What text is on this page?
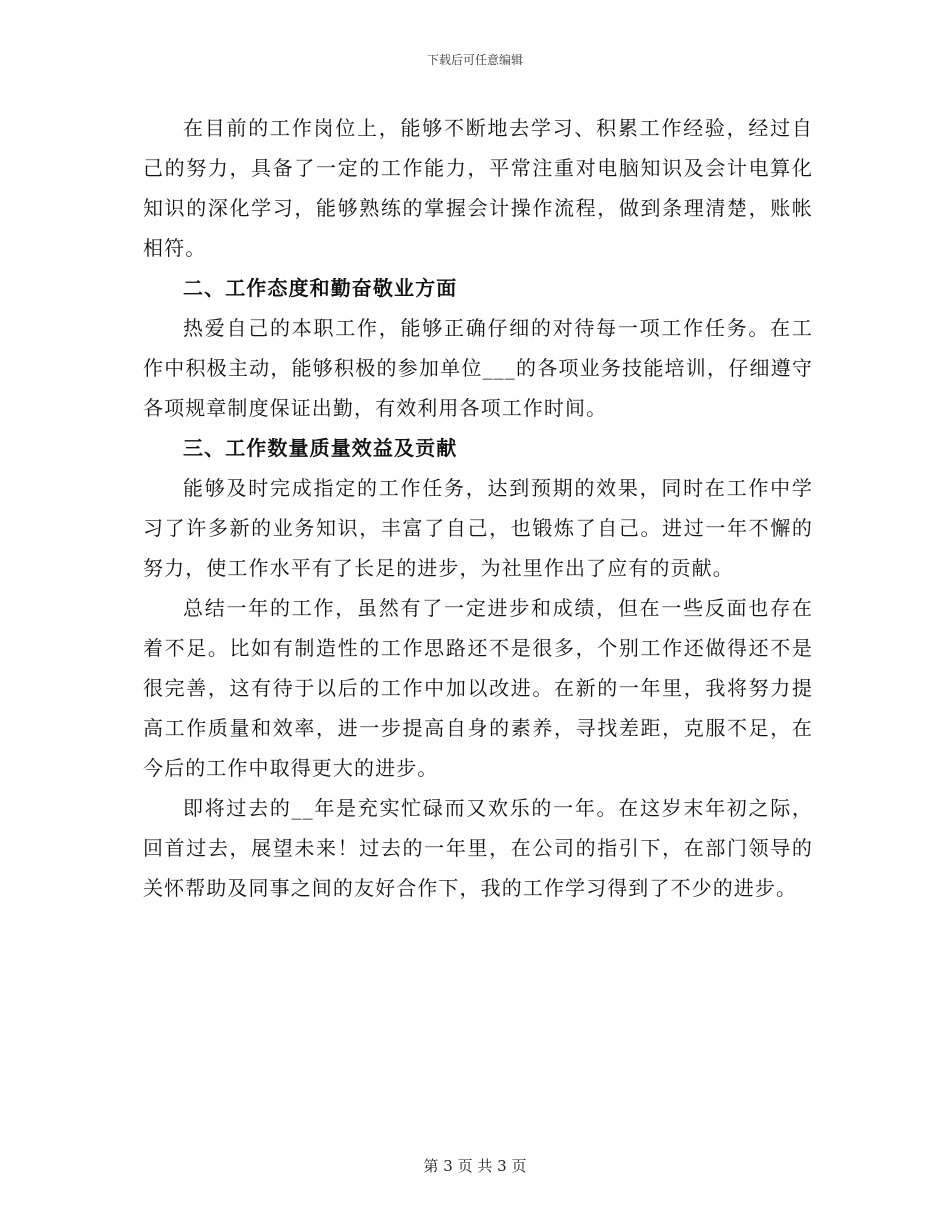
下载后可任意编辑

在目前的工作岗位上，能够不断地去学习、积累工作经验，经过自己的努力，具备了一定的工作能力，平常注重对电脑知识及会计电算化知识的深化学习，能够熟练的掌握会计操作流程，做到条理清楚，账帐相符。

二、工作态度和勤奋敬业方面

热爱自己的本职工作，能够正确仔细的对待每一项工作任务。在工作中积极主动，能够积极的参加单位___的各项业务技能培训，仔细遵守各项规章制度保证出勤，有效利用各项工作时间。

三、工作数量质量效益及贡献

能够及时完成指定的工作任务，达到预期的效果，同时在工作中学习了许多新的业务知识，丰富了自己，也锻炼了自己。进过一年不懈的努力，使工作水平有了长足的进步，为社里作出了应有的贡献。

总结一年的工作，虽然有了一定进步和成绩，但在一些反面也存在着不足。比如有制造性的工作思路还不是很多，个别工作还做得还不是很完善，这有待于以后的工作中加以改进。在新的一年里，我将努力提高工作质量和效率，进一步提高自身的素养，寻找差距，克服不足，在今后的工作中取得更大的进步。

即将过去的__年是充实忙碌而又欢乐的一年。在这岁末年初之际，回首过去，展望未来！过去的一年里，在公司的指引下，在部门领导的关怀帮助及同事之间的友好合作下，我的工作学习得到了不少的进步。

第 3 页 共 3 页
